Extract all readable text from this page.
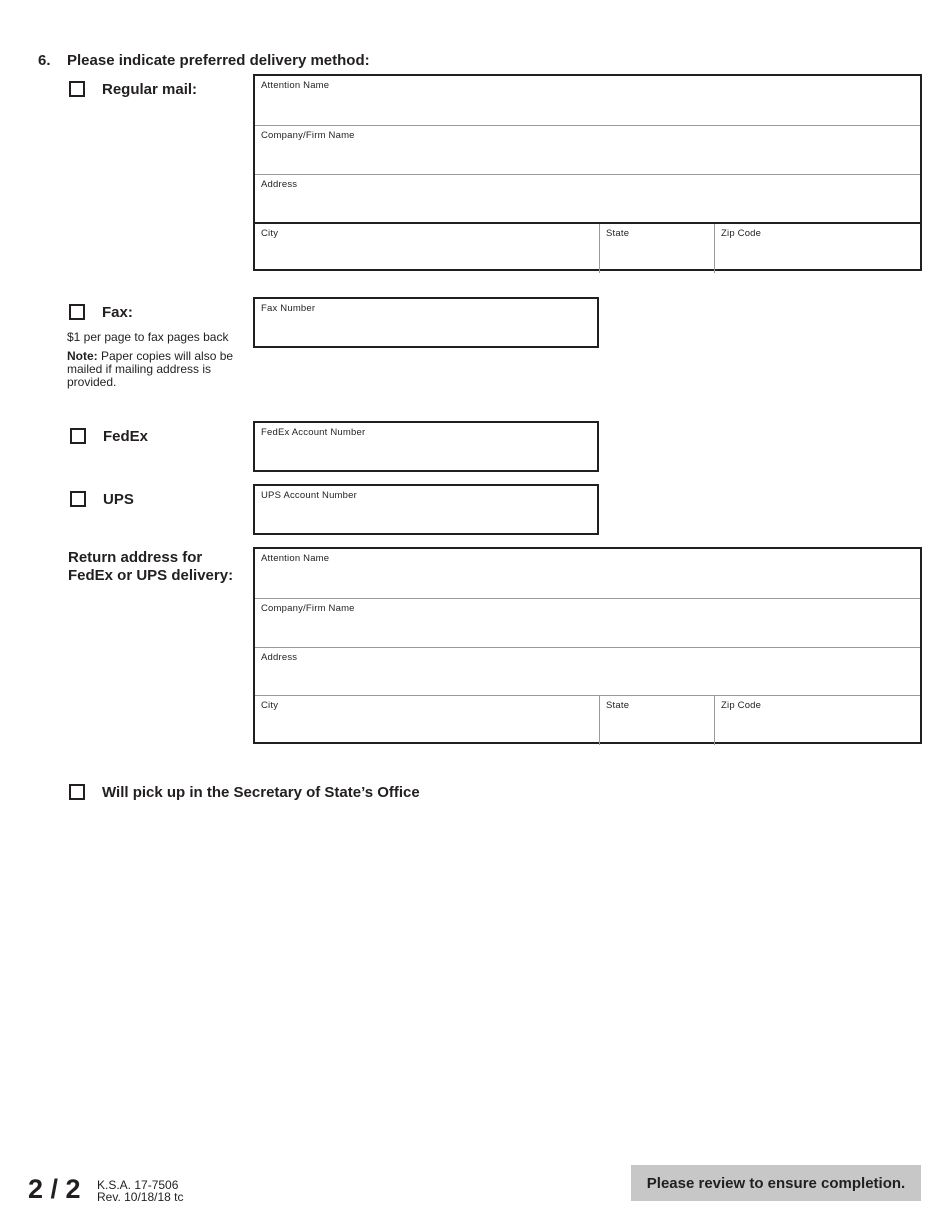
6. Please indicate preferred delivery method:
Regular mail:	Attention Name
Company/Firm Name
Address
City	State	Zip Code
Fax:
$1 per page to fax pages back
Note: Paper copies will also be mailed if mailing address is provided.
Fax Number
FedEx	FedEx Account Number
UPS	UPS Account Number
Return address for
FedEx or UPS delivery:
Attention Name
Company/Firm Name
Address
City	State	Zip Code
Will pick up in the Secretary of State’s Office
2 / 2 K.S.A. 17-7506
Rev. 10/18/18 tc
Please review to ensure completion.
